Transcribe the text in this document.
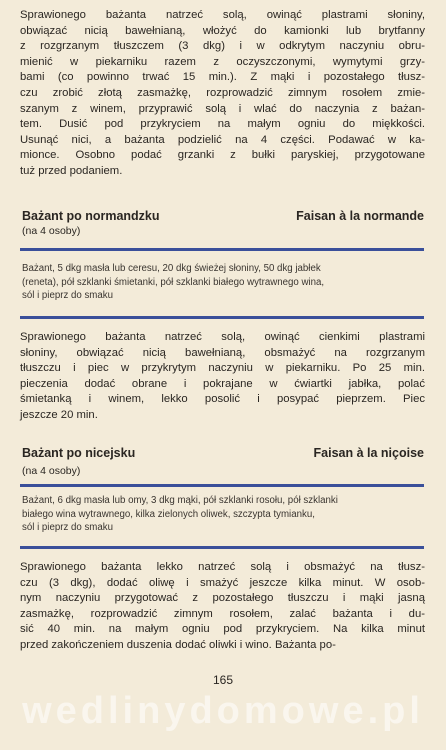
Sprawionego bażanta natrzeć solą, owinąć plastrami słoniny,
obwiązać nicią bawełnianą, włożyć do kamionki lub brytfanny
z rozgrzanym tłuszczem (3 dkg) i w odkrytym naczyniu obru-
mienić w piekarniku razem z oczyszczonymi, wymytymi grzy-
bami (co powinno trwać 15 min.). Z mąki i pozostałego tłusz-
czu zrobić złotą zasmażkę, rozprowadzić zimnym rosołem zmie-
szanym z winem, przyprawić solą i wlać do naczynia z bażan-
tem. Dusić pod przykryciem na małym ogniu do miękkości.
Usunąć nici, a bażanta podzielić na 4 części. Podawać w ka-
mionce. Osobno podać grzanki z bułki paryskiej, przygotowane
tuż przed podaniem.
Bażant po normandzku	Faisan à la normande
(na 4 osoby)
Bażant, 5 dkg masła lub ceresu, 20 dkg świeżej słoniny, 50 dkg jabłek
(reneta), pół szklanki śmietanki, pół szklanki białego wytrawnego wina,
sól i pieprz do smaku
Sprawionego bażanta natrzeć solą, owinąć cienkimi plastrami
słoniny, obwiązać nicią bawełnianą, obsmażyć na rozgrzanym
tłuszczu i piec w przykrytym naczyniu w piekarniku. Po 25 min.
pieczenia dodać obrane i pokrajane w ćwiartki jabłka, polać
śmietanką i winem, lekko posolić i posypać pieprzem. Piec
jeszcze 20 min.
Bażant po nicejsku	Faisan à la niçoise
(na 4 osoby)
Bażant, 6 dkg masła lub omy, 3 dkg mąki, pół szklanki rosołu, pół szklanki
białego wina wytrawnego, kilka zielonych oliwek, szczypta tymianku,
sól i pieprz do smaku
Sprawionego bażanta lekko natrzeć solą i obsmażyć na tłusz-
czu (3 dkg), dodać oliwę i smażyć jeszcze kilka minut. W osob-
nym naczyniu przygotować z pozostałego tłuszczu i mąki jasną
zasmażkę, rozprowadzić zimnym rosołem, zalać bażanta i du-
sić 40 min. na małym ogniu pod przykryciem. Na kilka minut
przed zakończeniem duszenia dodać oliwki i wino. Bażanta po-
165
wedlinydomowe.pl
